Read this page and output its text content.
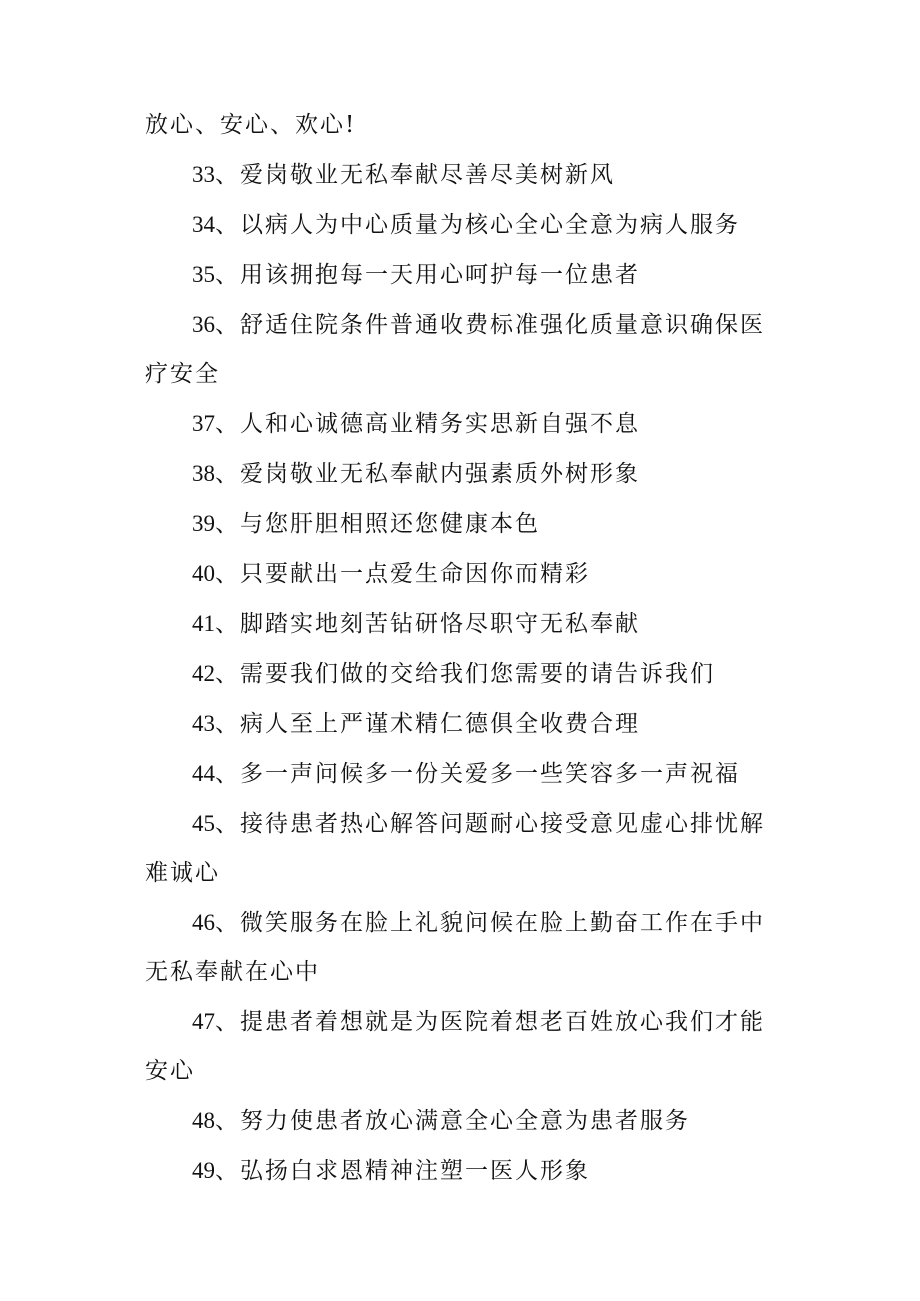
放心、安心、欢心!

33、爱岗敬业无私奉献尽善尽美树新风

34、以病人为中心质量为核心全心全意为病人服务

35、用该拥抱每一天用心呵护每一位患者

36、舒适住院条件普通收费标准强化质量意识确保医疗安全

37、人和心诚德高业精务实思新自强不息

38、爱岗敬业无私奉献内强素质外树形象

39、与您肝胆相照还您健康本色

40、只要献出一点爱生命因你而精彩

41、脚踏实地刻苦钻研恪尽职守无私奉献

42、需要我们做的交给我们您需要的请告诉我们

43、病人至上严谨术精仁德俱全收费合理

44、多一声问候多一份关爱多一些笑容多一声祝福

45、接待患者热心解答问题耐心接受意见虚心排忧解难诚心

46、微笑服务在脸上礼貌问候在脸上勤奋工作在手中无私奉献在心中

47、提患者着想就是为医院着想老百姓放心我们才能安心

48、努力使患者放心满意全心全意为患者服务

49、弘扬白求恩精神注塑一医人形象
